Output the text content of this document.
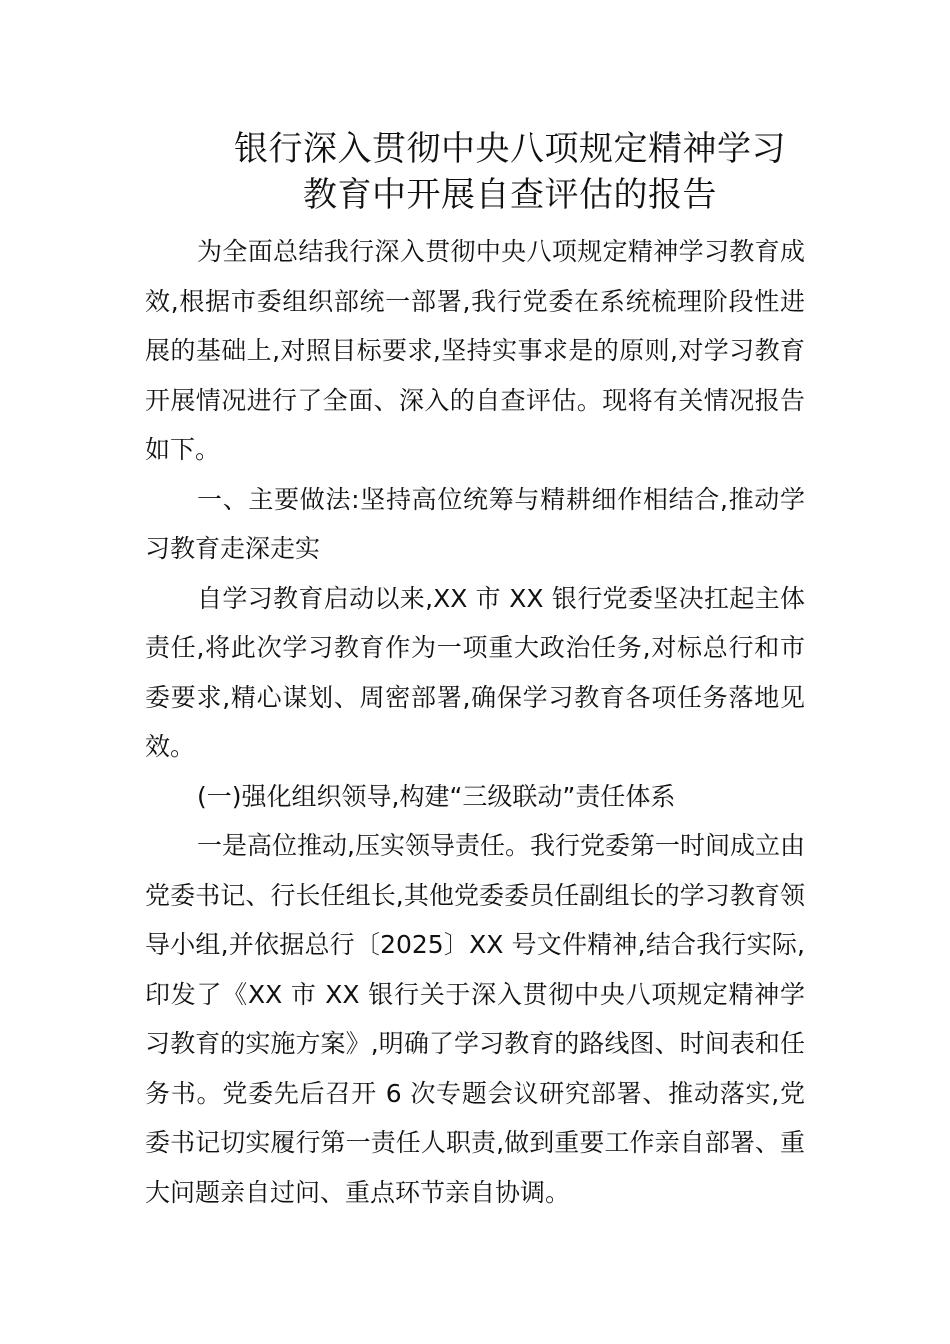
银行深入贯彻中央八项规定精神学习
教育中开展自查评估的报告

为全面总结我行深入贯彻中央八项规定精神学习教育成效,根据市委组织部统一部署,我行党委在系统梳理阶段性进展的基础上,对照目标要求,坚持实事求是的原则,对学习教育开展情况进行了全面、深入的自查评估。现将有关情况报告如下。

一、主要做法:坚持高位统筹与精耕细作相结合,推动学习教育走深走实

自学习教育启动以来,XX 市 XX 银行党委坚决扛起主体责任,将此次学习教育作为一项重大政治任务,对标总行和市委要求,精心谋划、周密部署,确保学习教育各项任务落地见效。

(一)强化组织领导,构建“三级联动”责任体系

一是高位推动,压实领导责任。我行党委第一时间成立由党委书记、行长任组长,其他党委委员任副组长的学习教育领导小组,并依据总行〔2025〕XX 号文件精神,结合我行实际,印发了《XX 市 XX 银行关于深入贯彻中央八项规定精神学习教育的实施方案》,明确了学习教育的路线图、时间表和任务书。党委先后召开 6 次专题会议研究部署、推动落实,党委书记切实履行第一责任人职责,做到重要工作亲自部署、重大问题亲自过问、重点环节亲自协调。
